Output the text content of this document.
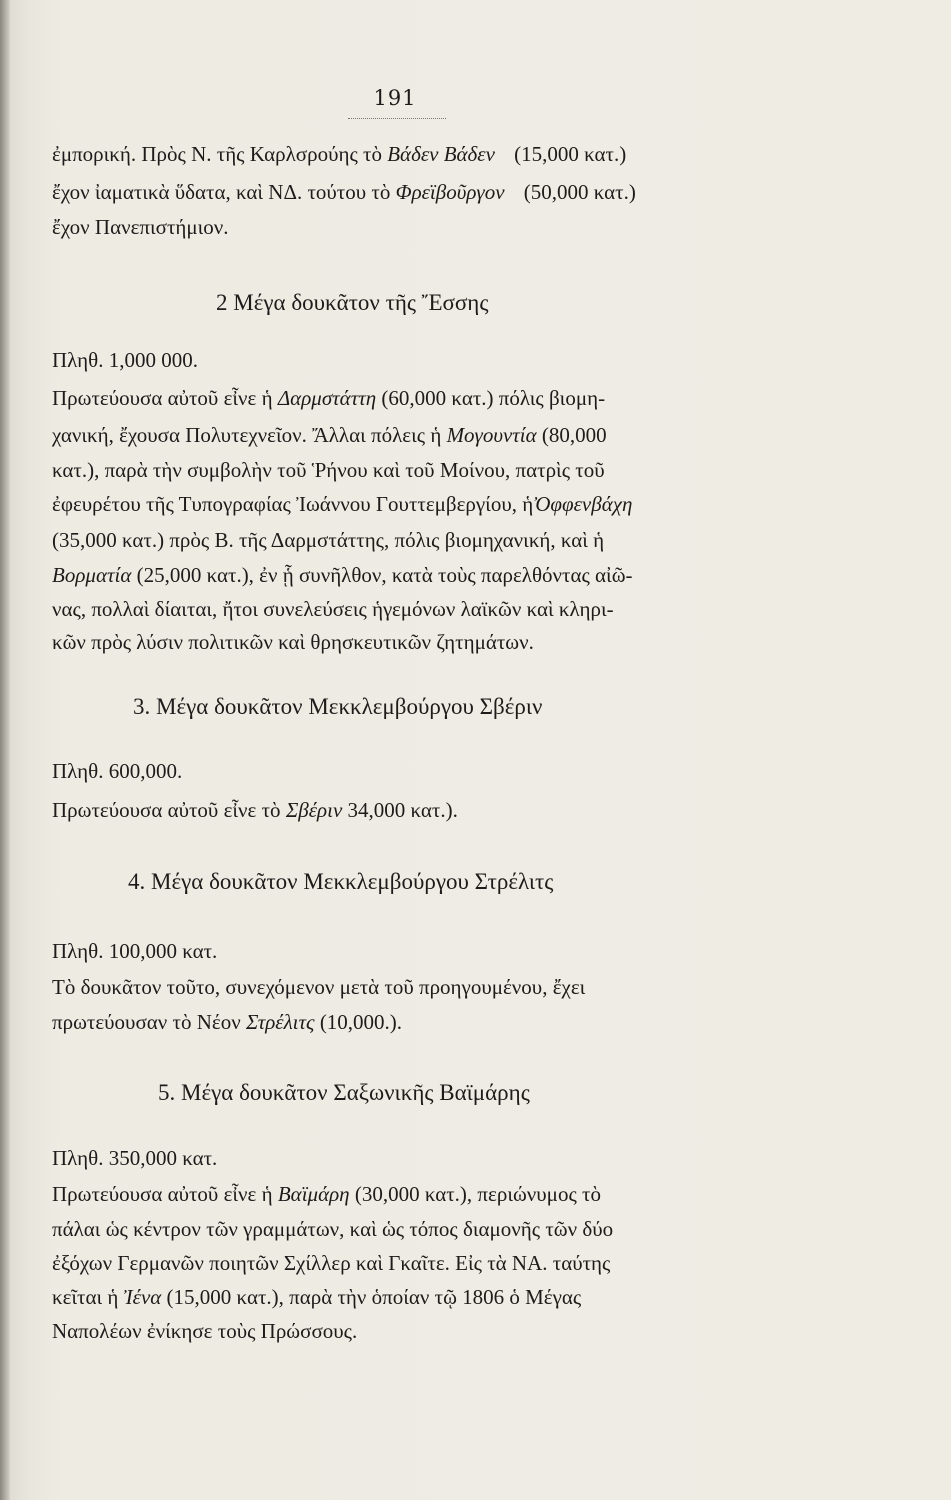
191
ἐμπορική. Πρὸς Ν. τῆς Καρλσρούης τὸ Βάδεν Βάδεν (15,000 κατ.)
ἔχον ἰαματικὰ ὕδατα, καὶ ΝΔ. τούτου τὸ Φρεϊβοῦργον (50,000 κατ.)
ἔχον Πανεπιστήμιον.
2 Μέγα δουκᾶτον τῆς Ἔσσης
Πληθ. 1,000 000.
Πρωτεύουσα αὐτοῦ εἶνε ἡ Δαρμστάττη (60,000 κατ.) πόλις βιομη-
χανική, ἔχουσα Πολυτεχνεῖον. Ἄλλαι πόλεις ἡ Μογουντία (80,000
κατ.), παρὰ τὴν συμβολὴν τοῦ Ῥήνου καὶ τοῦ Μοίνου, πατρὶς τοῦ
ἐφευρέτου τῆς Τυπογραφίας Ἰωάννου Γουττεμβεργίου, ἡὈφφενβάχη
(35,000 κατ.) πρὸς Β. τῆς Δαρμστάττης, πόλις βιομηχανική, καὶ ἡ
Βορματία (25,000 κατ.), ἐν ᾗ συνῆλθον, κατὰ τοὺς παρελθόντας αἰῶ-
νας, πολλαὶ δίαιται, ἤτοι συνελεύσεις ἡγεμόνων λαϊκῶν καὶ κληρι-
κῶν πρὸς λύσιν πολιτικῶν καὶ θρησκευτικῶν ζητημάτων.
3. Μέγα δουκᾶτον Μεκκλεμβούργου Σβέριν
Πληθ. 600,000.
Πρωτεύουσα αὐτοῦ εἶνε τὸ Σβέριν 34,000 κατ.).
4. Μέγα δουκᾶτον Μεκκλεμβούργου Στρέλιτς
Πληθ. 100,000 κατ.
Τὸ δουκᾶτον τοῦτο, συνεχόμενον μετὰ τοῦ προηγουμένου, ἔχει
πρωτεύουσαν τὸ Νέον Στρέλιτς (10,000.).
5. Μέγα δουκᾶτον Σαξωνικῆς Βαϊμάρης
Πληθ. 350,000 κατ.
Πρωτεύουσα αὐτοῦ εἶνε ἡ Βαϊμάρη (30,000 κατ.), περιώνυμος τὸ
πάλαι ὡς κέντρον τῶν γραμμάτων, καὶ ὡς τόπος διαμονῆς τῶν δύο
ἐξόχων Γερμανῶν ποιητῶν Σχίλλερ καὶ Γκαῖτε. Εἰς τὰ ΝΑ. ταύτης
κεῖται ἡ Ἰένα (15,000 κατ.), παρὰ τὴν ὁποίαν τῷ 1806 ὁ Μέγας
Ναπολέων ἐνίκησε τοὺς Πρώσσους.
